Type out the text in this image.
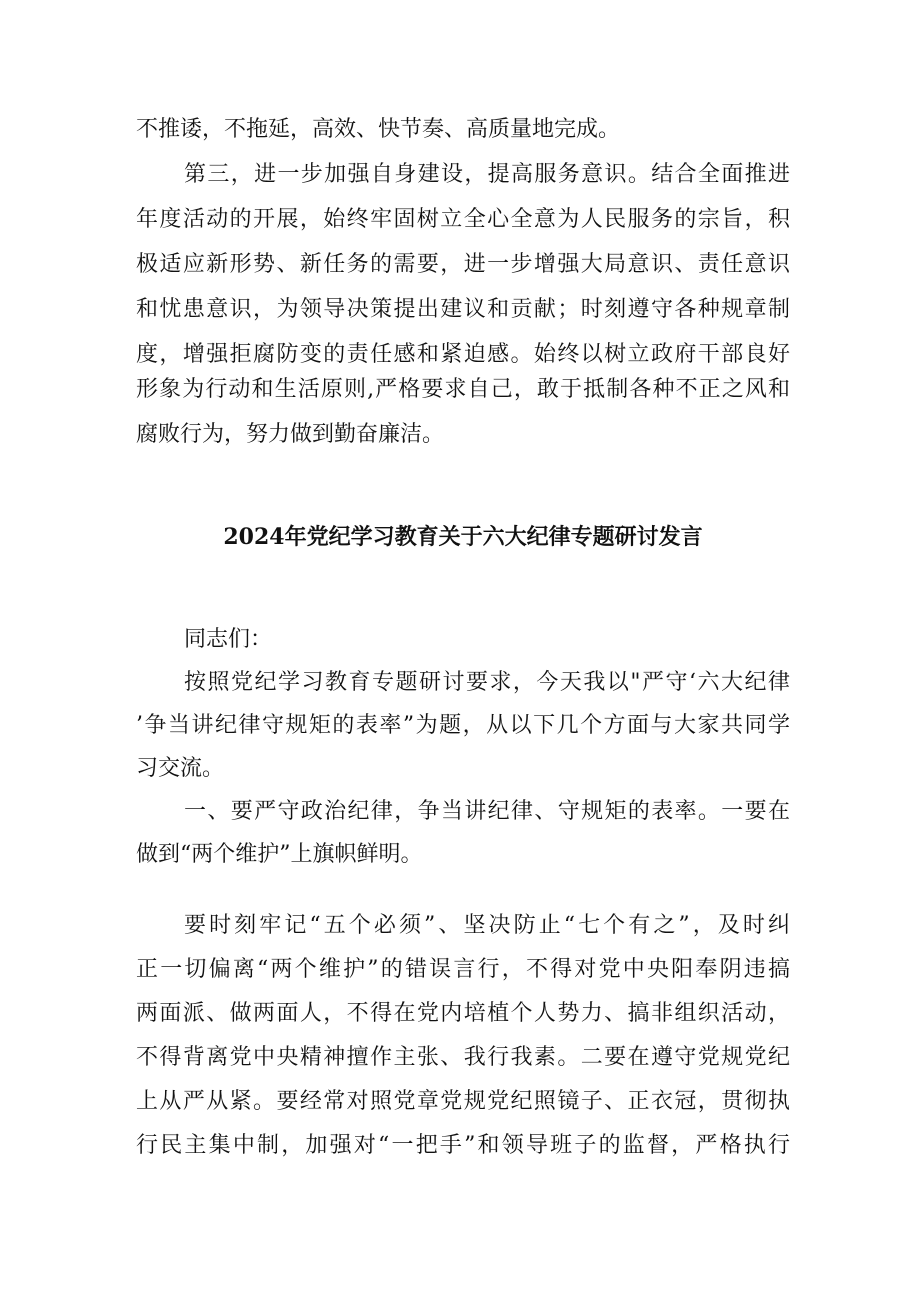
不推诿，不拖延，高效、快节奏、高质量地完成。
第三，进一步加强自身建设，提高服务意识。结合全面推进
年度活动的开展，始终牢固树立全心全意为人民服务的宗旨，积
极适应新形势、新任务的需要，进一步增强大局意识、责任意识
和忧患意识，为领导决策提出建议和贡献；时刻遵守各种规章制
度，增强拒腐防变的责任感和紧迫感。始终以树立政府干部良好
形象为行动和生活原则,严格要求自己，敢于抵制各种不正之风和
腐败行为，努力做到勤奋廉洁。
2024年党纪学习教育关于六大纪律专题研讨发言
同志们：
按照党纪学习教育专题研讨要求，今天我以"严守‘六大纪律
’争当讲纪律守规矩的表率”为题，从以下几个方面与大家共同学
习交流。
一、要严守政治纪律，争当讲纪律、守规矩的表率。一要在
做到“两个维护”上旗帜鲜明。
要时刻牢记“五个必须”、坚决防止“七个有之”，及时纠
正一切偏离“两个维护”的错误言行，不得对党中央阳奉阴违搞
两面派、做两面人，不得在党内培植个人势力、搞非组织活动，
不得背离党中央精神擅作主张、我行我素。二要在遵守党规党纪
上从严从紧。要经常对照党章党规党纪照镜子、正衣冠，贯彻执
行民主集中制，加强对“一把手”和领导班子的监督，严格执行
